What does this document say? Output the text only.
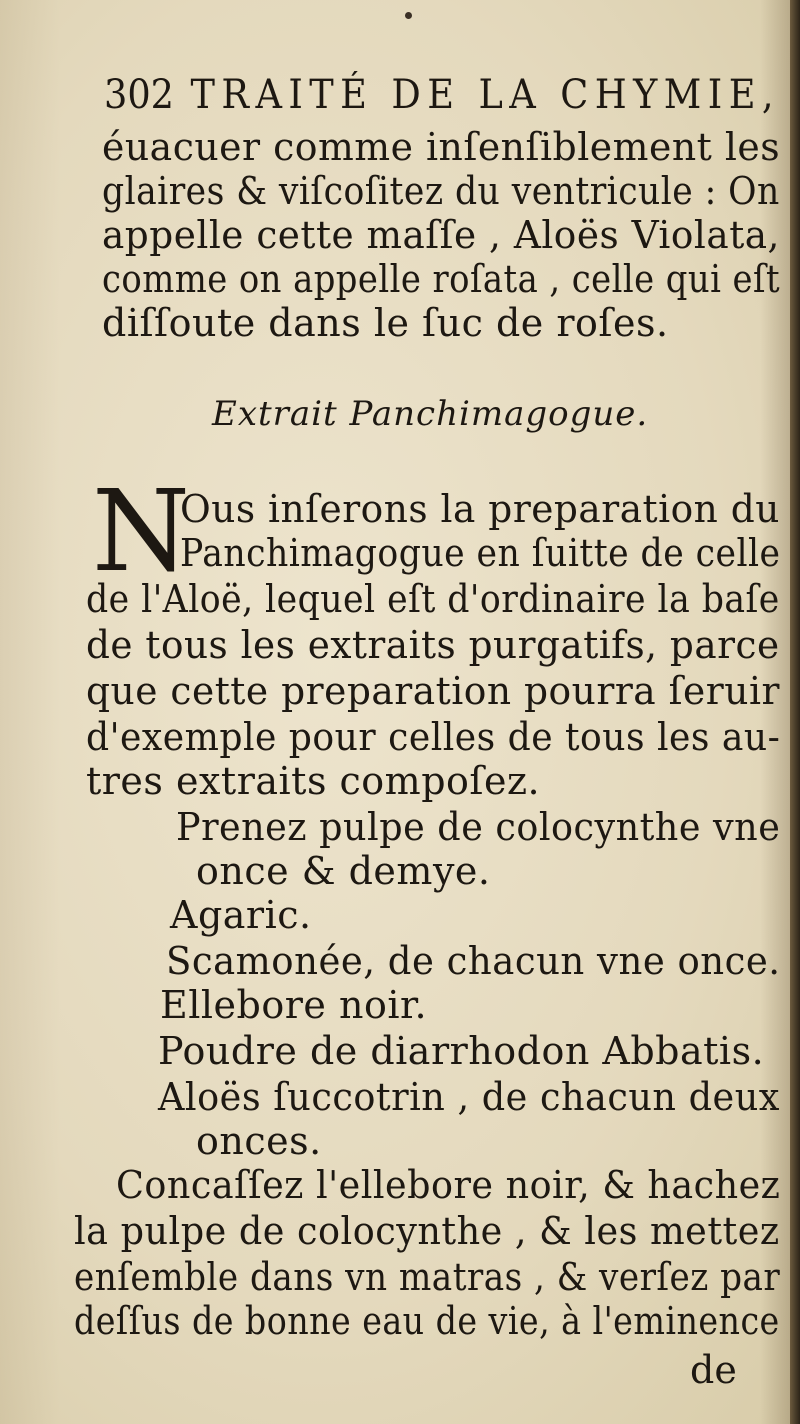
302 TRAITÉ DE LA CHYMIE,
éuacuer comme inſenſiblement les
glaires & viſcoſitez du ventricule : On
appelle cette maſſe , Aloës Violata,
comme on appelle roſata , celle qui eſt
diſſoute dans le ſuc de roſes.
Extrait Panchimagogue.
N
Ous inſerons la preparation du
Panchimagogue en ſuitte de celle
de l'Aloë, lequel eſt d'ordinaire la baſe
de tous les extraits purgatifs, parce
que cette preparation pourra ſeruir
d'exemple pour celles de tous les au-
tres extraits compoſez.
Prenez pulpe de colocynthe vne
once & demye.
Agaric.
Scamonée, de chacun vne once.
Ellebore noir.
Poudre de diarrhodon Abbatis.
Aloës ſuccotrin , de chacun deux
onces.
Concaſſez l'ellebore noir, & hachez
la pulpe de colocynthe , & les mettez
enſemble dans vn matras , & verſez par
deſſus de bonne eau de vie, à l'eminence
de
